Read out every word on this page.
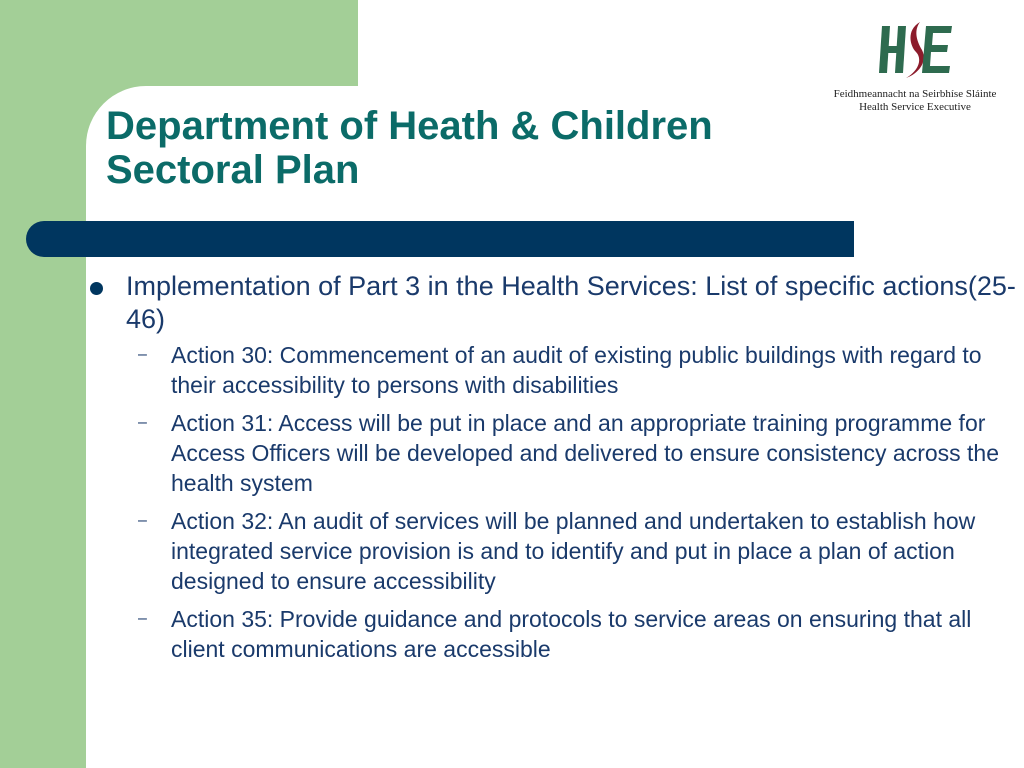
Department of Heath & Children
Sectoral Plan
Feidhmeannacht na Seirbhíse Sláinte
Health Service Executive
Implementation of Part 3 in the Health Services: List of specific actions(25-46)
– Action 30: Commencement of an audit of existing public buildings with regard to their accessibility to persons with disabilities
– Action 31: Access will be put in place and an appropriate training programme for Access Officers will be developed and delivered to ensure consistency across the health system
– Action 32: An audit of services will be planned and undertaken to establish how integrated service provision is and to identify and put in place a plan of action designed to ensure accessibility
– Action 35: Provide guidance and protocols to service areas on ensuring that all client communications are accessible
